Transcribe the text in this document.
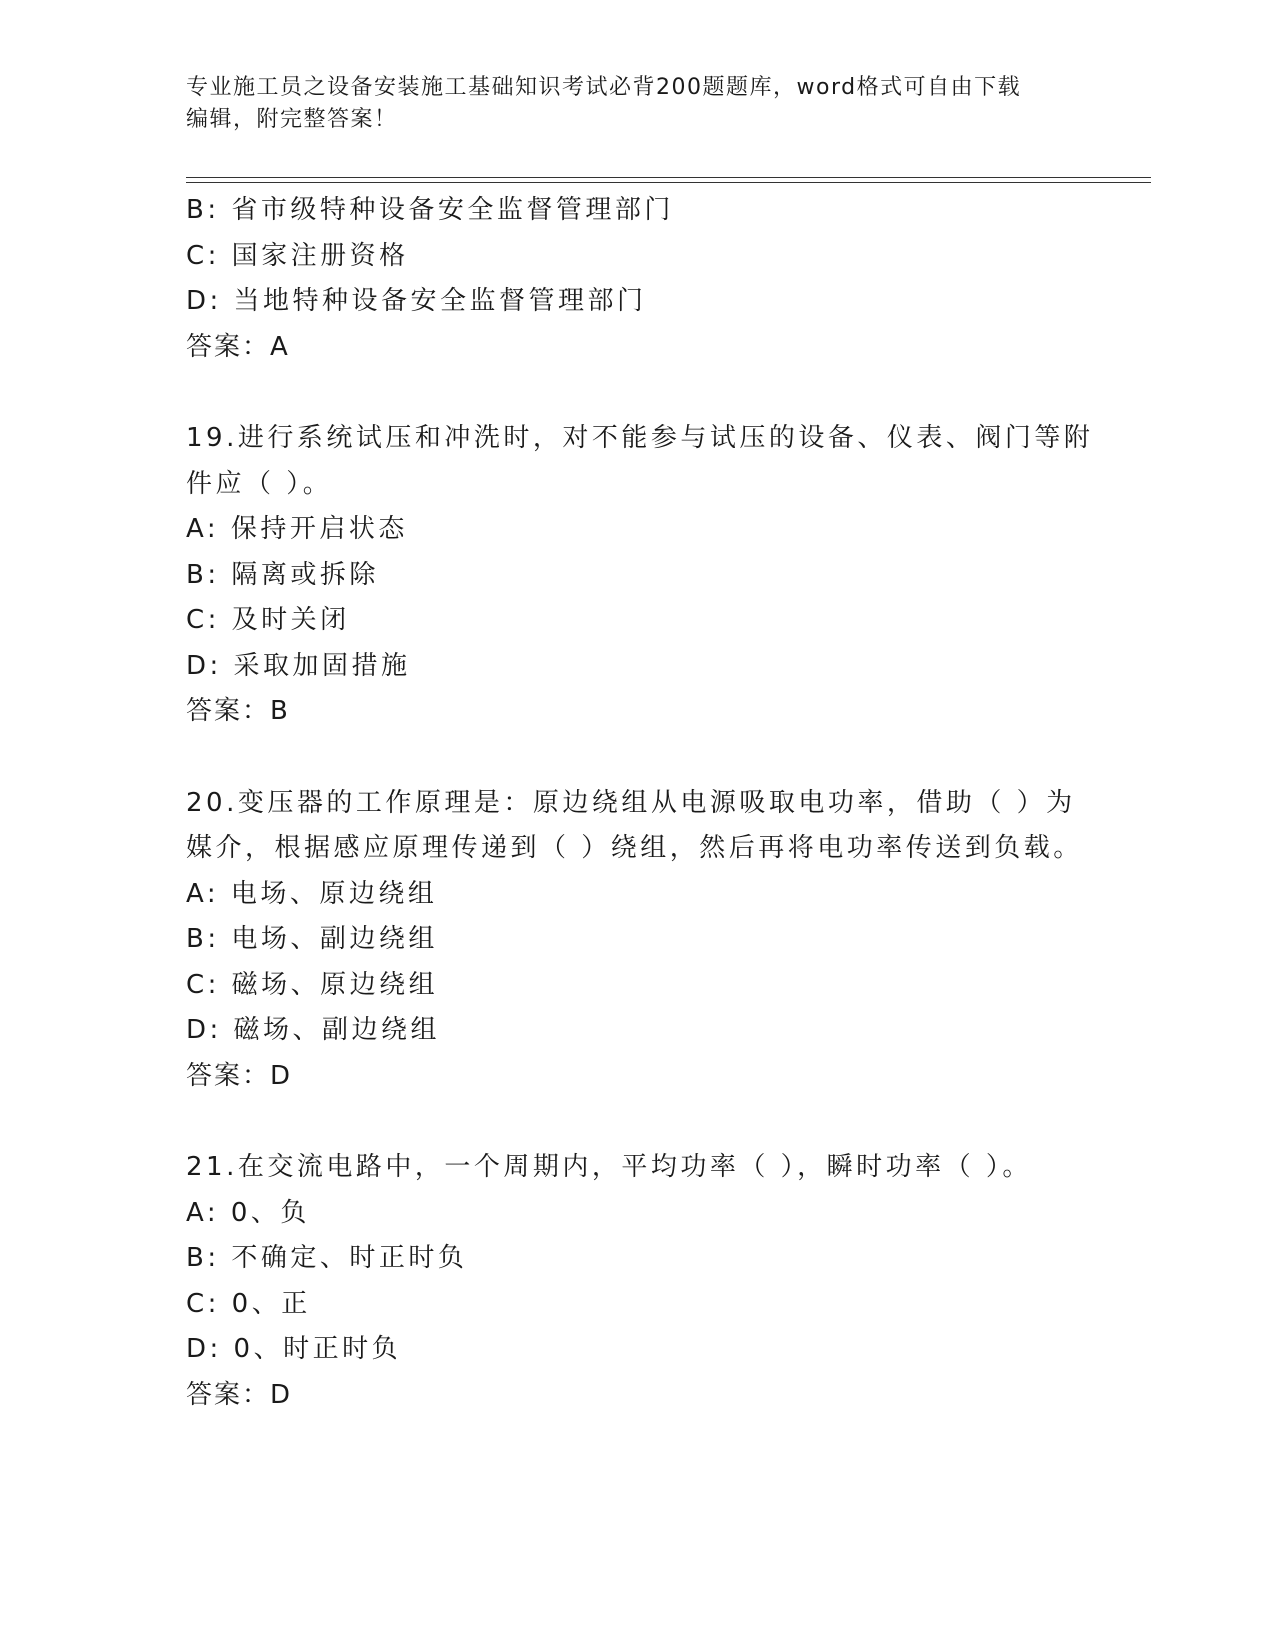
专业施工员之设备安装施工基础知识考试必背200题题库，word格式可自由下载
编辑，附完整答案！
B: 省市级特种设备安全监督管理部门
C: 国家注册资格
D: 当地特种设备安全监督管理部门
答案：A
19.进行系统试压和冲洗时，对不能参与试压的设备、仪表、阀门等附
件应（ ）。
A: 保持开启状态
B: 隔离或拆除
C: 及时关闭
D: 采取加固措施
答案：B
20.变压器的工作原理是：原边绕组从电源吸取电功率，借助（ ）为
媒介，根据感应原理传递到（ ）绕组，然后再将电功率传送到负载。
A: 电场、原边绕组
B: 电场、副边绕组
C: 磁场、原边绕组
D: 磁场、副边绕组
答案：D
21.在交流电路中，一个周期内，平均功率（ ），瞬时功率（ ）。
A: 0、负
B: 不确定、时正时负
C: 0、正
D: 0、时正时负
答案：D
